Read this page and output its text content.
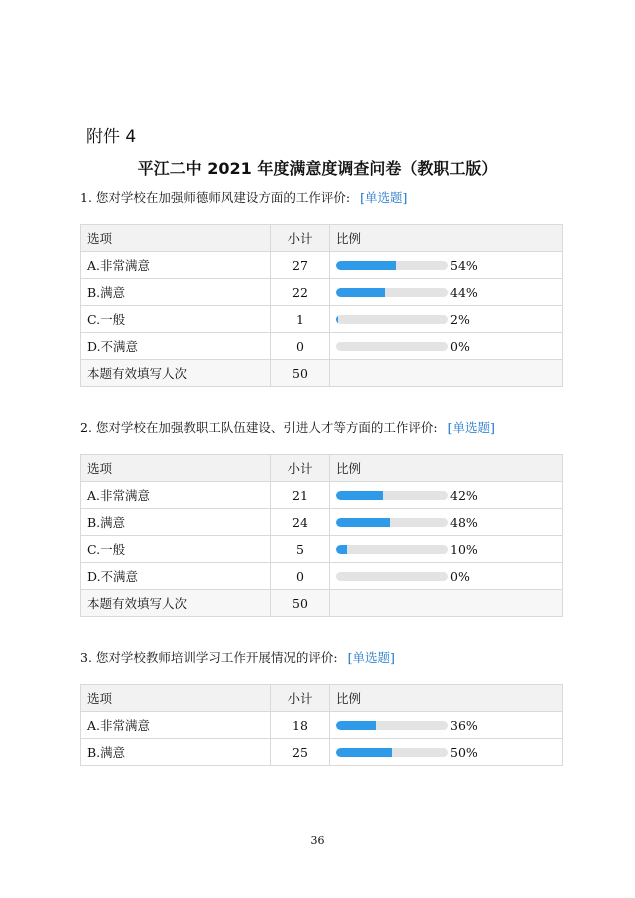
附件 4
平江二中 2021 年度满意度调查问卷（教职工版）
1. 您对学校在加强师德师风建设方面的工作评价: [单选题]
选项	小计	比例
A.非常满意	27	54%

B.满意	22	44%

C.一般	1	2%

D.不满意	0	0%

本题有效填写人次	50	
2. 您对学校在加强教职工队伍建设、引进人才等方面的工作评价: [单选题]
选项	小计	比例
A.非常满意	21	42%

B.满意	24	48%

C.一般	5	10%

D.不满意	0	0%

本题有效填写人次	50	
3. 您对学校教师培训学习工作开展情况的评价: [单选题]
选项	小计	比例
A.非常满意	18	36%

B.满意	25	50%
36
